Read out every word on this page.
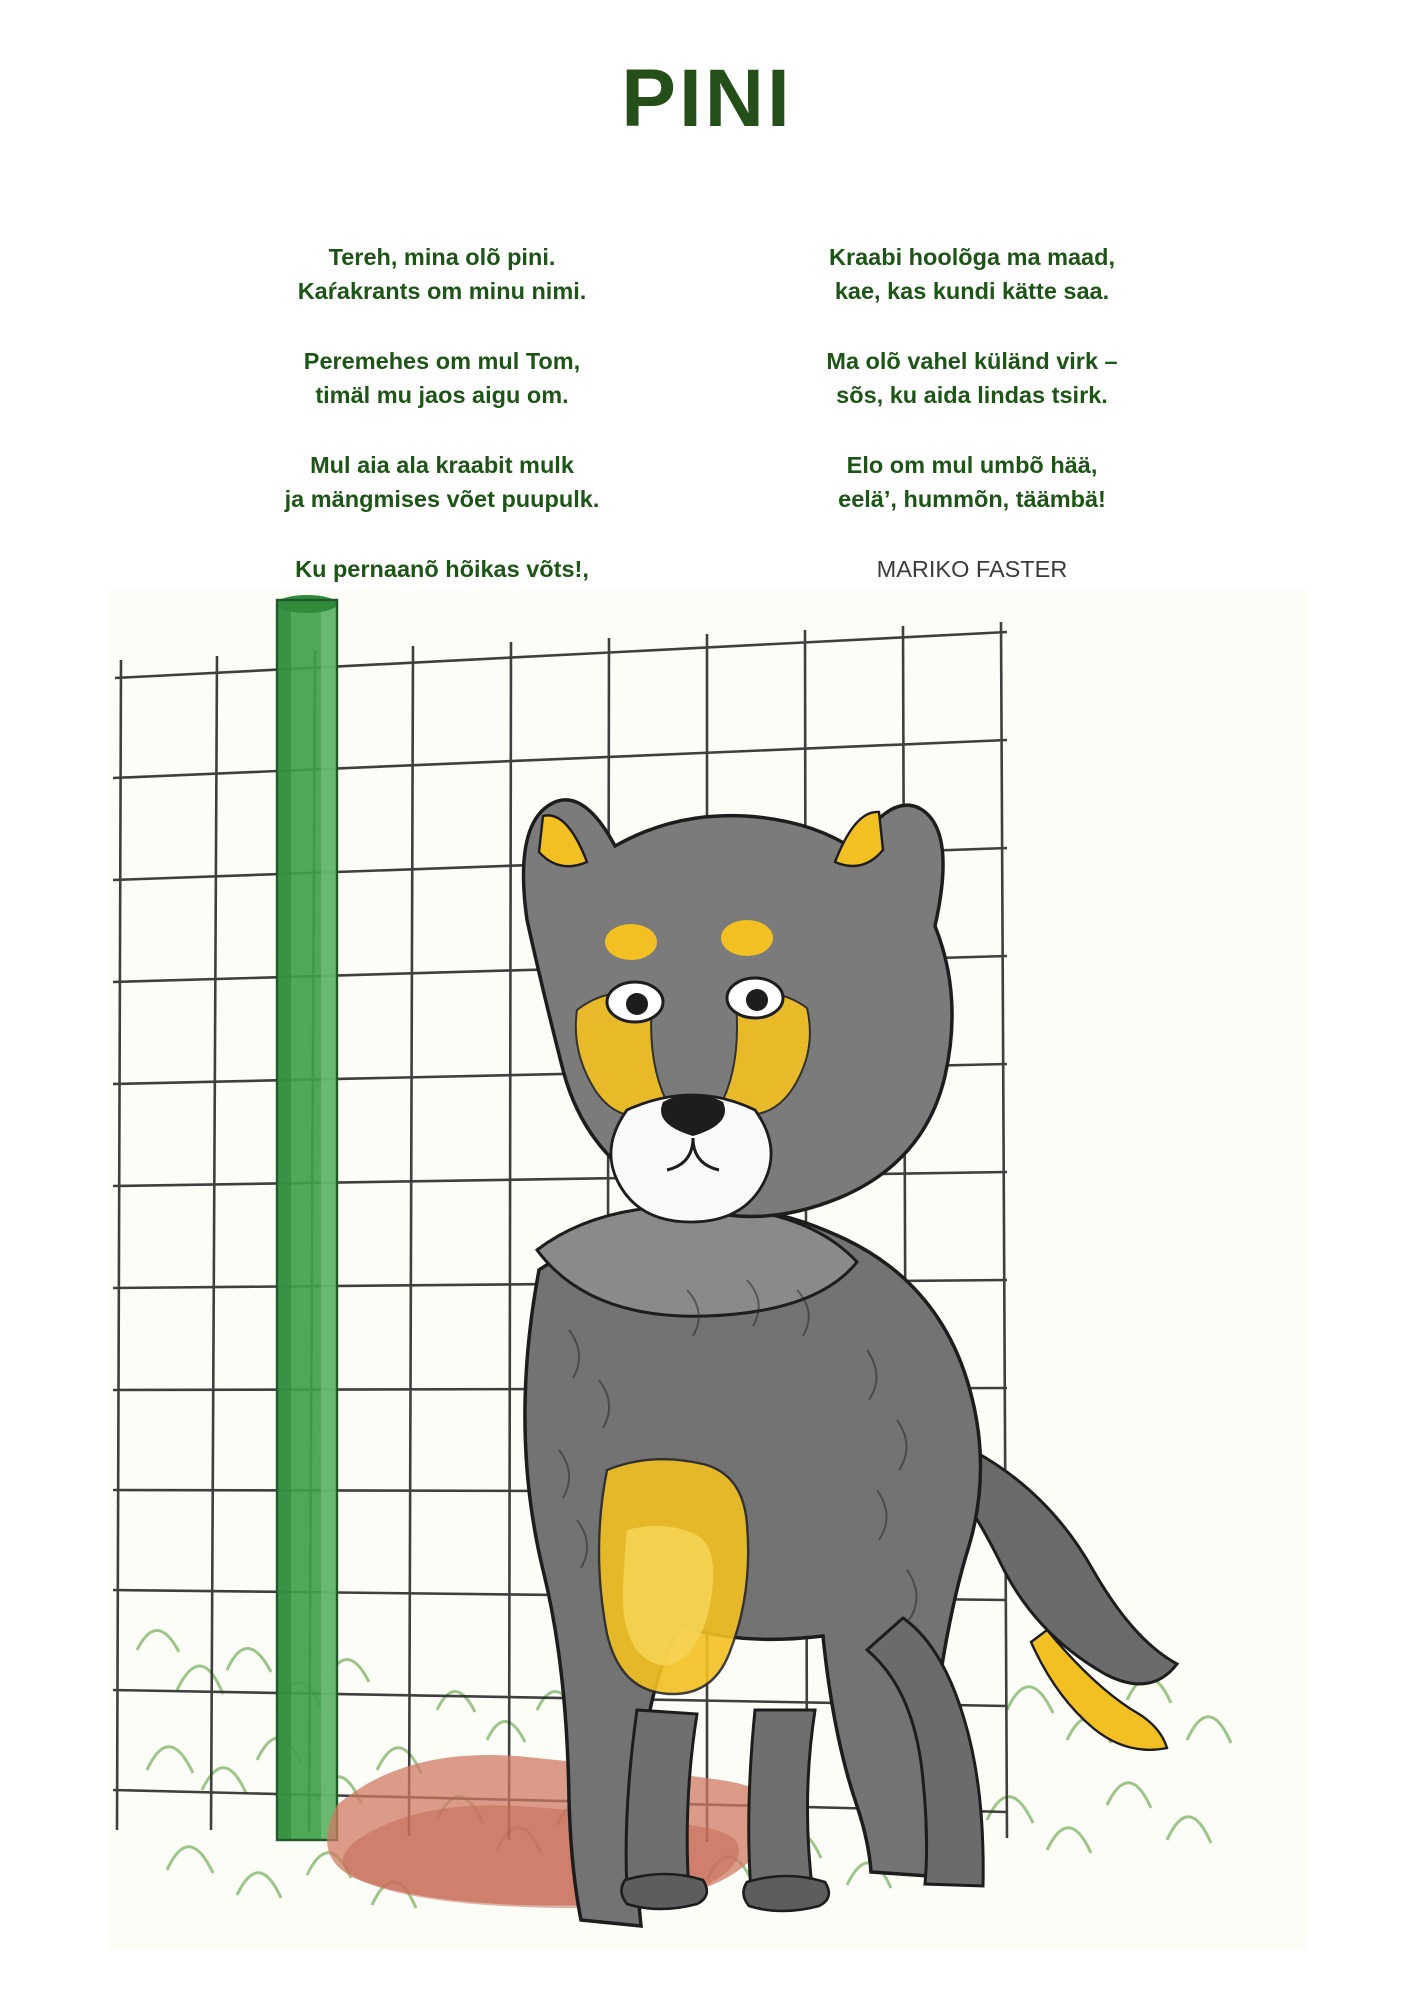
PINI
Tereh, mina olõ pini.
Kaŕakrants om minu nimi.
Peremehes om mul Tom,
timäl mu jaos aigu om.
Mul aia ala kraabit mulk
ja mängmises võet puupulk.
Ku pernaanõ hõikas võts!,
Kraabi hoolõga ma maad,
kae, kas kundi kätte saa.
Ma olõ vahel küländ virk –
sõs, ku aida lindas tsirk.
Elo om mul umbõ hää,
eelä’, hummõn, täämbä!
MARIKO FASTER
